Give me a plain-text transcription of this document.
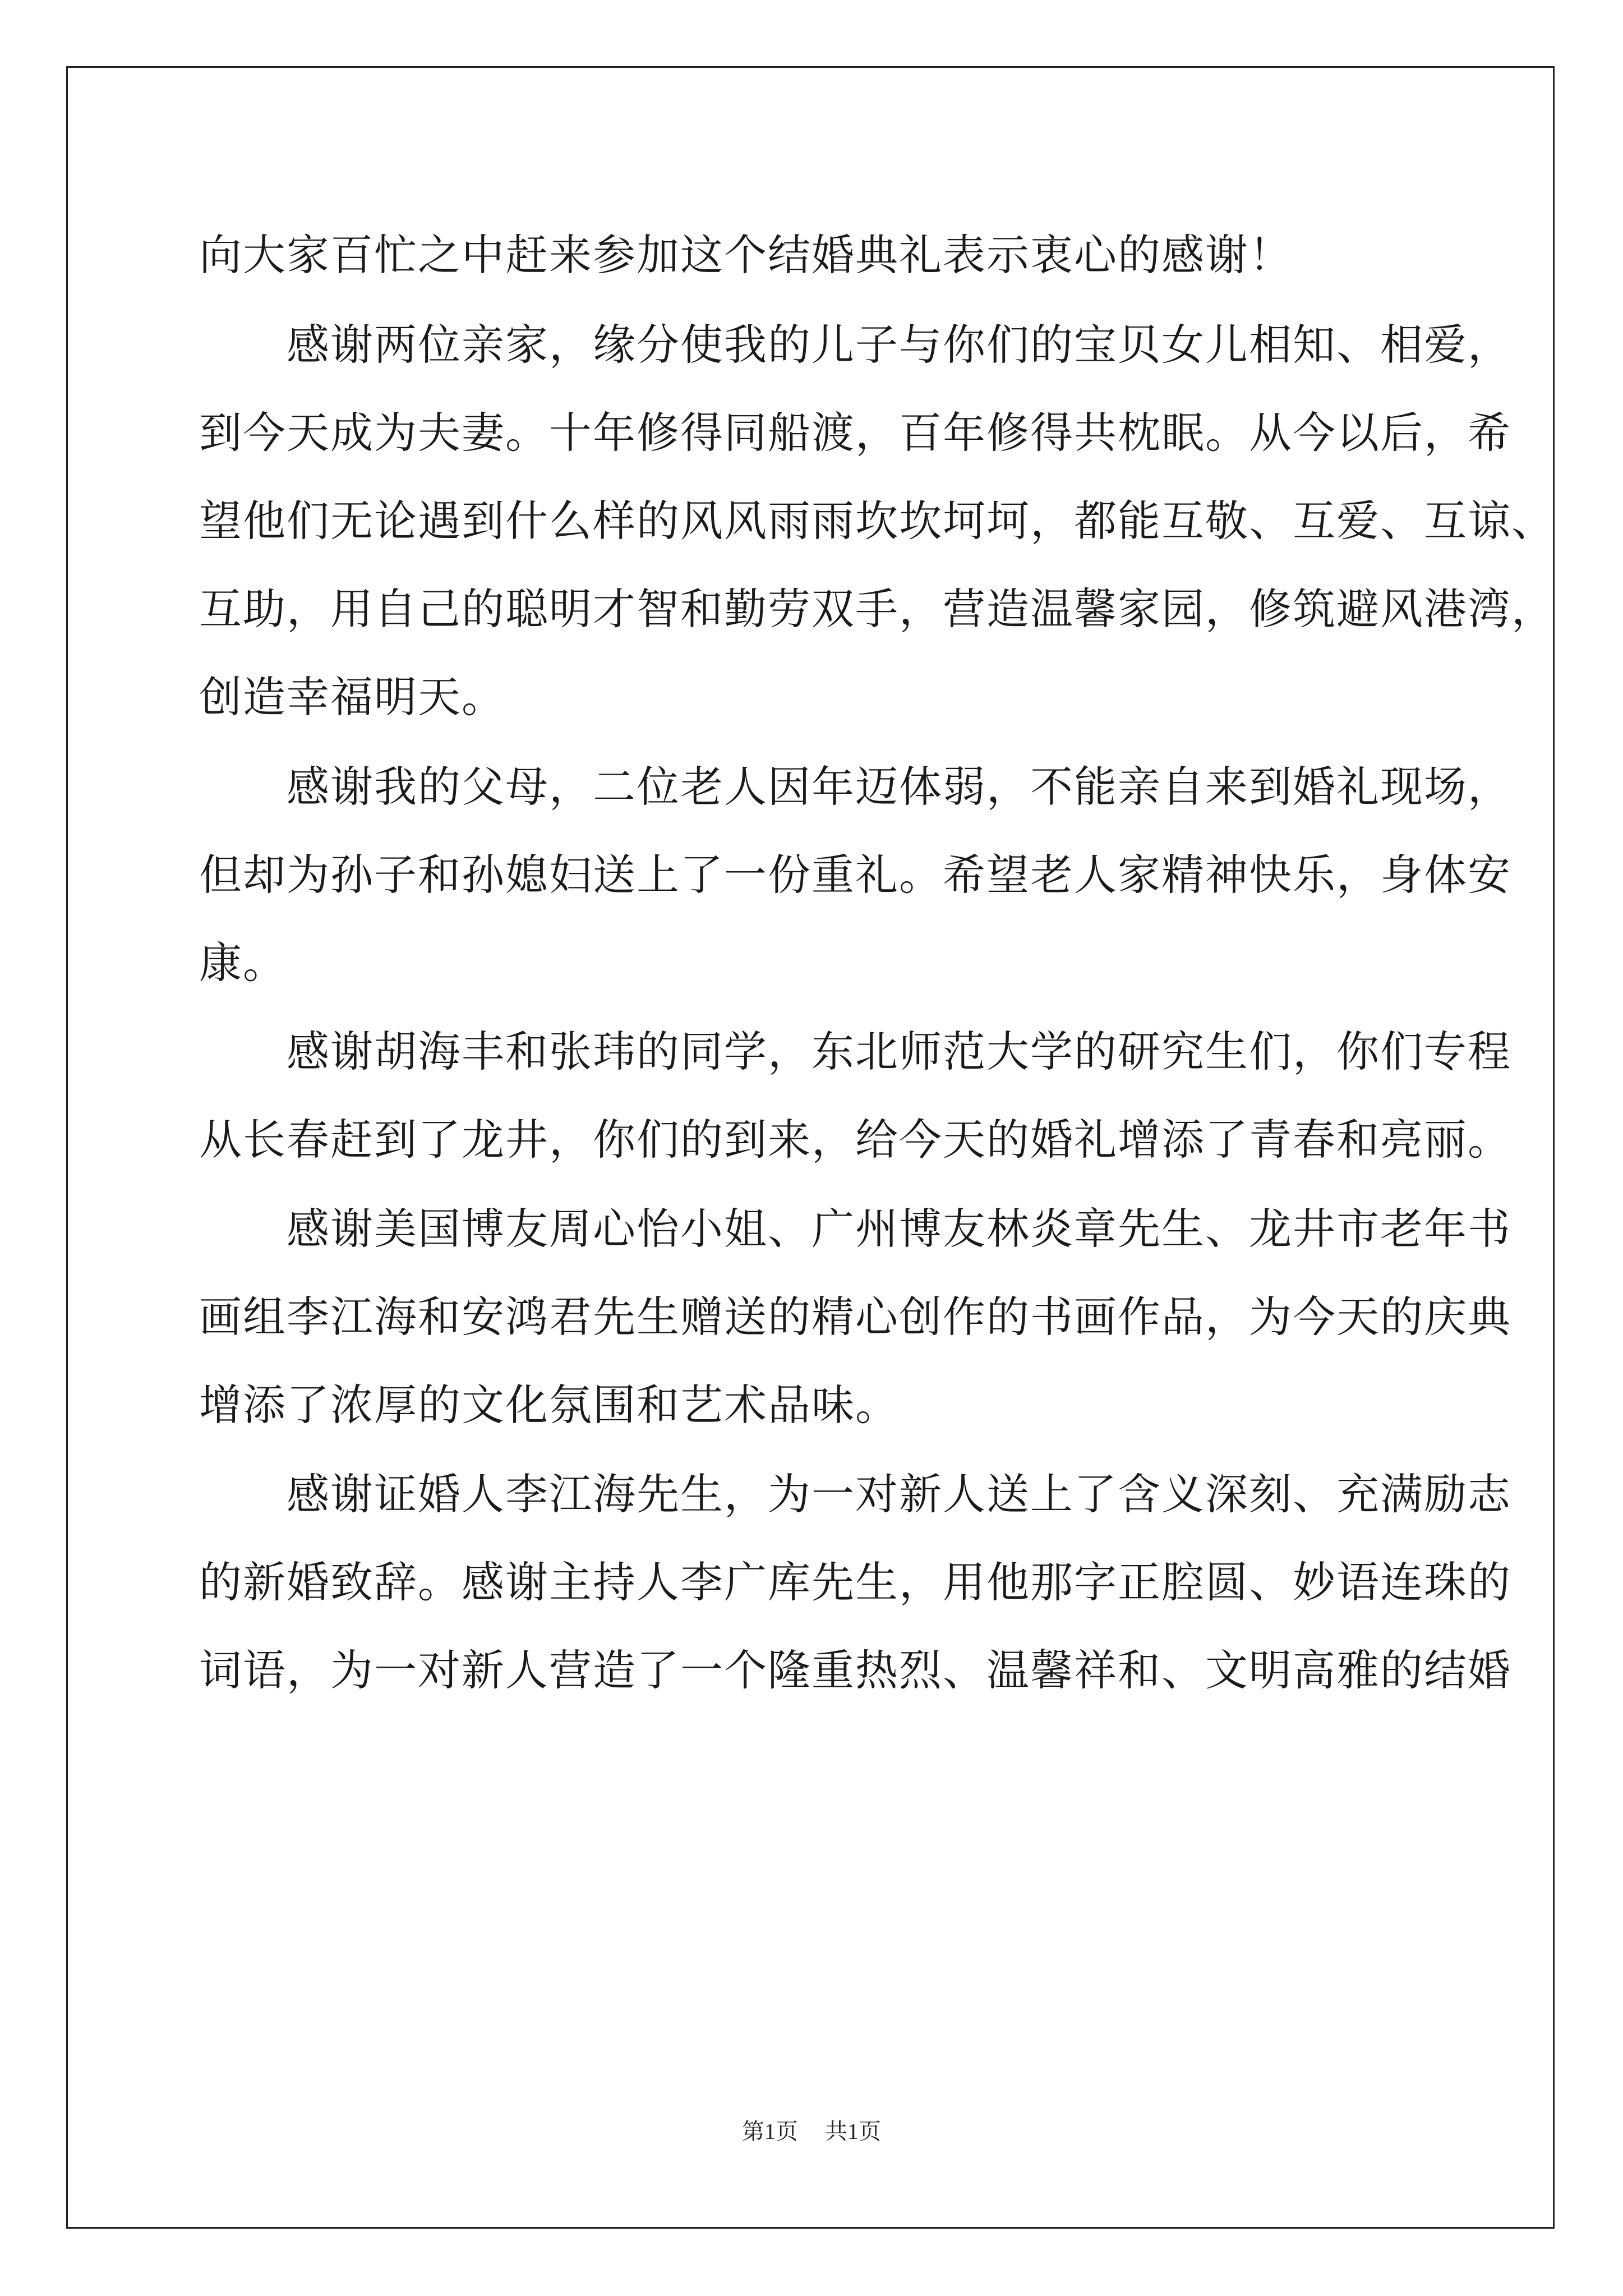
向大家百忙之中赶来参加这个结婚典礼表示衷心的感谢！
　　感谢两位亲家，缘分使我的儿子与你们的宝贝女儿相知、相爱，
到今天成为夫妻。十年修得同船渡，百年修得共枕眠。从今以后，希
望他们无论遇到什么样的风风雨雨坎坎坷坷，都能互敬、互爱、互谅、
互助，用自己的聪明才智和勤劳双手，营造温馨家园，修筑避风港湾，
创造幸福明天。
　　感谢我的父母，二位老人因年迈体弱，不能亲自来到婚礼现场，
但却为孙子和孙媳妇送上了一份重礼。希望老人家精神快乐，身体安
康。
　　感谢胡海丰和张玮的同学，东北师范大学的研究生们，你们专程
从长春赶到了龙井，你们的到来，给今天的婚礼增添了青春和亮丽。
　　感谢美国博友周心怡小姐、广州博友林炎章先生、龙井市老年书
画组李江海和安鸿君先生赠送的精心创作的书画作品，为今天的庆典
增添了浓厚的文化氛围和艺术品味。
　　感谢证婚人李江海先生，为一对新人送上了含义深刻、充满励志
的新婚致辞。感谢主持人李广库先生，用他那字正腔圆、妙语连珠的
词语，为一对新人营造了一个隆重热烈、温馨祥和、文明高雅的结婚
第1页 共1页
